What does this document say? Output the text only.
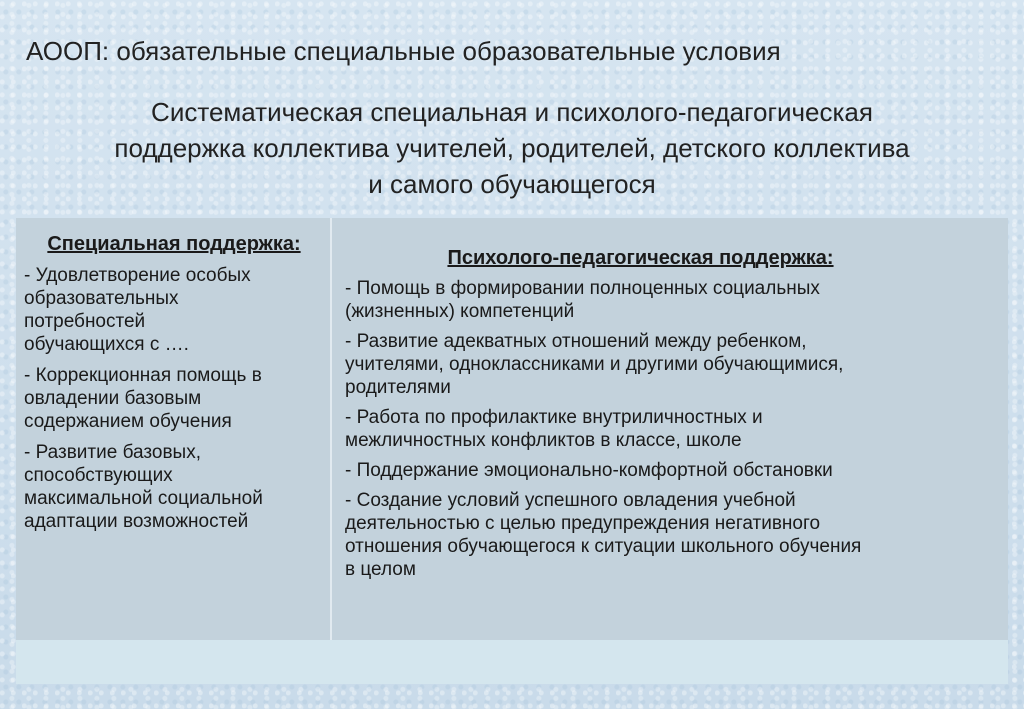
АООП: обязательные специальные образовательные условия
Систематическая специальная и психолого-педагогическая
поддержка коллектива учителей, родителей, детского коллектива
и самого обучающегося
Специальная поддержка:
- Удовлетворение особых
образовательных
потребностей
обучающихся с ….
- Коррекционная помощь в
овладении базовым
содержанием обучения
- Развитие базовых,
способствующих
максимальной социальной
адаптации возможностей
Психолого-педагогическая поддержка:
- Помощь в формировании полноценных социальных
(жизненных) компетенций
- Развитие адекватных отношений между ребенком,
учителями, одноклассниками и другими обучающимися,
родителями
- Работа по профилактике внутриличностных и
межличностных конфликтов в классе, школе
- Поддержание эмоционально-комфортной обстановки
- Создание условий успешного овладения учебной
деятельностью с целью предупреждения негативного
отношения обучающегося к ситуации школьного обучения
в целом
